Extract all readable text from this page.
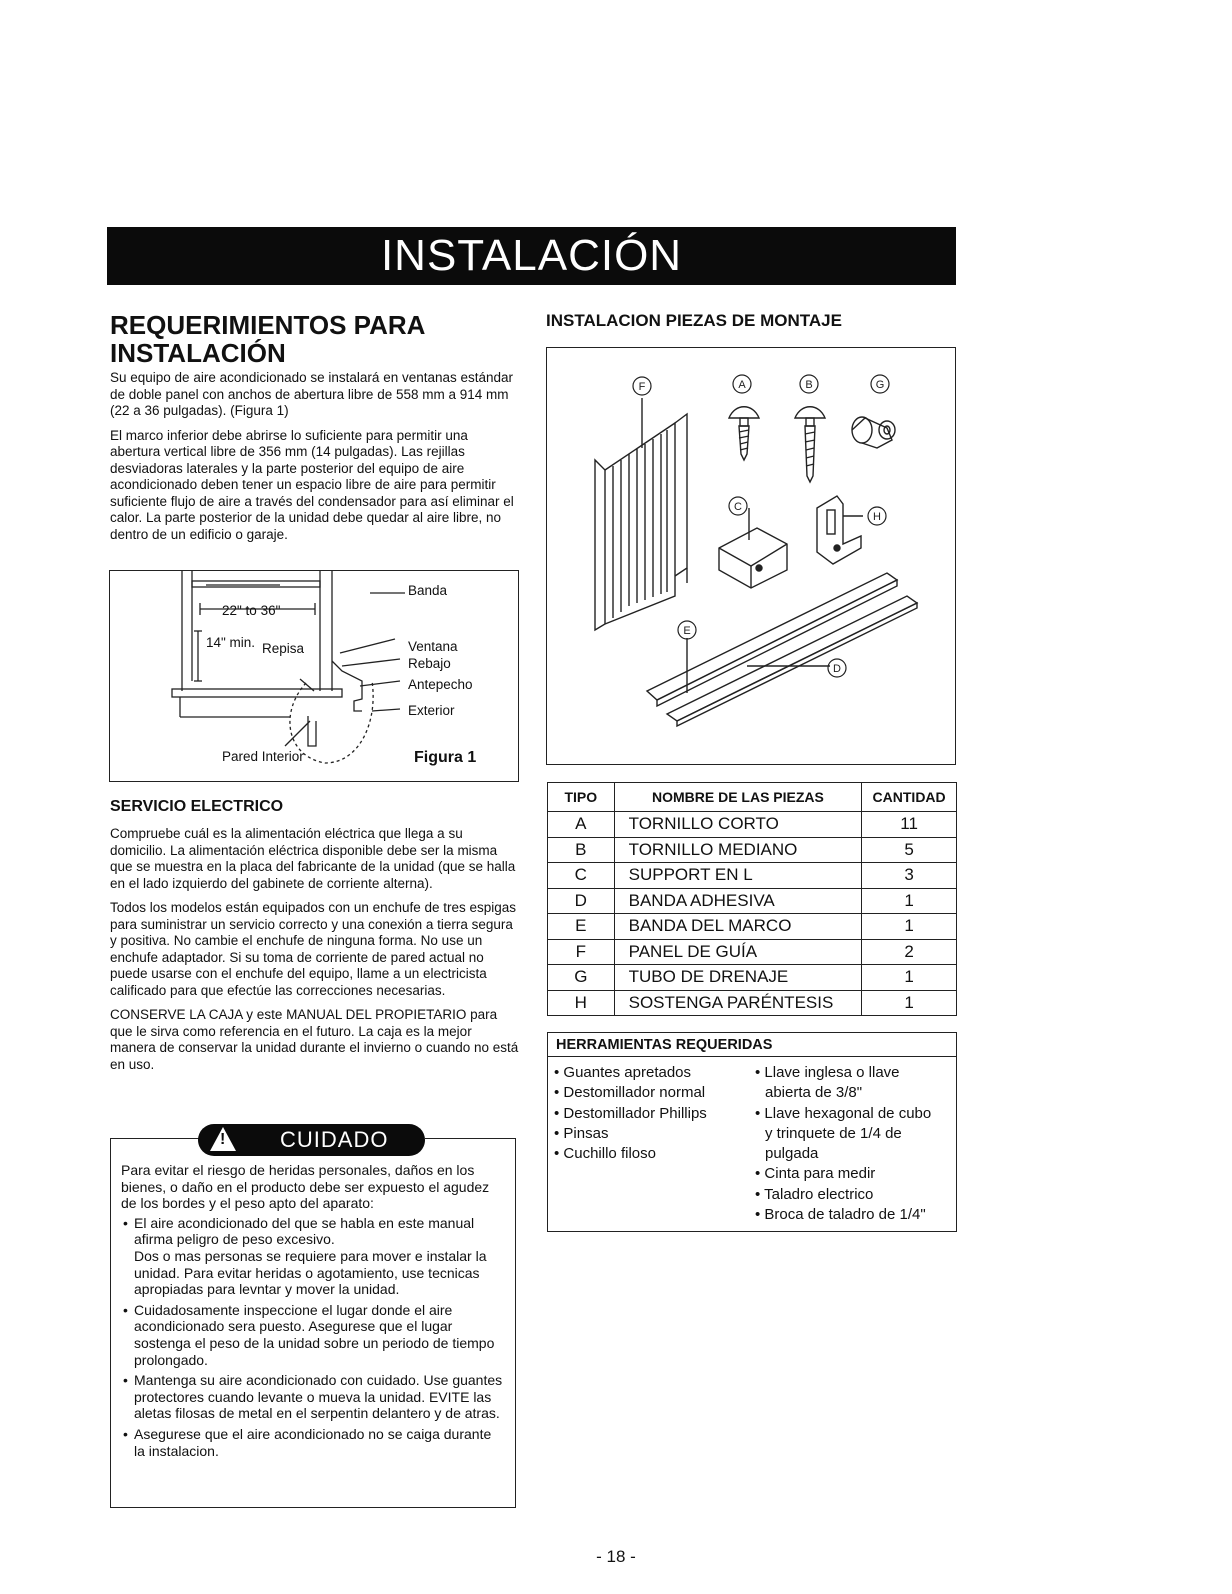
INSTALACIÓN
REQUERIMIENTOS PARA
INSTALACIÓN

Su equipo de aire acondicionado se instalará en ventanas estándar de doble panel con anchos de abertura libre de 558 mm a 914 mm (22 a 36 pulgadas). (Figura 1)

El marco inferior debe abrirse lo suficiente para permitir una abertura vertical libre de 356 mm (14 pulgadas). Las rejillas desviadoras laterales y la parte posterior del equipo de aire acondicionado deben tener un espacio libre de aire para permitir suficiente flujo de aire a través del condensador para así eliminar el calor. La parte posterior de la unidad debe quedar al aire libre, no dentro de un edificio o garaje.

Banda
22" to 36"
14" min. Repisa	Ventana
Rebajo
Antepecho
Exterior
Pared Interior	Figura 1
SERVICIO ELECTRICO

Compruebe cuál es la alimentación eléctrica que llega a su domicilio. La alimentación eléctrica disponible debe ser la misma que se muestra en la placa del fabricante de la unidad (que se halla en el lado izquierdo del gabinete de corriente alterna).

Todos los modelos están equipados con un enchufe de tres espigas para suministrar un servicio correcto y una conexión a tierra segura y positiva. No cambie el enchufe de ninguna forma. No use un enchufe adaptador. Si su toma de corriente de pared actual no puede usarse con el enchufe del equipo, llame a un electricista calificado para que efectúe las correcciones necesarias.

CONSERVE LA CAJA y este MANUAL DEL PROPIETARIO para que le sirva como referencia en el futuro. La caja es la mejor manera de conservar la unidad durante el invierno o cuando no está en uso.

! CUIDADO

Para evitar el riesgo de heridas personales, daños en los bienes, o daño en el producto debe ser expuesto el agudez de los bordes y el peso apto del aparato:

• El aire acondicionado del que se habla en este manual afirma peligro de peso excesivo.
Dos o mas personas se requiere para mover e instalar la unidad. Para evitar heridas o agotamiento, use tecnicas apropiadas para levntar y mover la unidad.
• Cuidadosamente inspeccione el lugar donde el aire acondicionado sera puesto. Asegurese que el lugar sostenga el peso de la unidad sobre un periodo de tiempo prolongado.
• Mantenga su aire acondicionado con cuidado. Use guantes protectores cuando levante o mueva la unidad. EVITE las aletas filosas de metal en el serpentin delantero y de atras.
• Asegurese que el aire acondicionado no se caiga durante la instalacion.
INSTALACION PIEZAS DE MONTAJE
F	A	B	G
C
H
E
D
TIPO	NOMBRE DE LAS PIEZAS	CANTIDAD
A	TORNILLO CORTO	11
B	TORNILLO MEDIANO	5
C	SUPPORT EN L	3
D	BANDA ADHESIVA	1
E	BANDA DEL MARCO	1
F	PANEL DE GUÍA	2
G	TUBO DE DRENAJE	1
H	SOSTENGA PARÉNTESIS	1
HERRAMIENTAS REQUERIDAS
• Guantes apretados
• Destomillador normal
• Destomillador Phillips
• Pinsas
• Cuchillo filoso
• Llave inglesa o llave
abierta de 3/8"
• Llave hexagonal de cubo
y trinquete de 1/4 de
pulgada
• Cinta para medir
• Taladro electrico
• Broca de taladro de 1/4"
- 18 -
